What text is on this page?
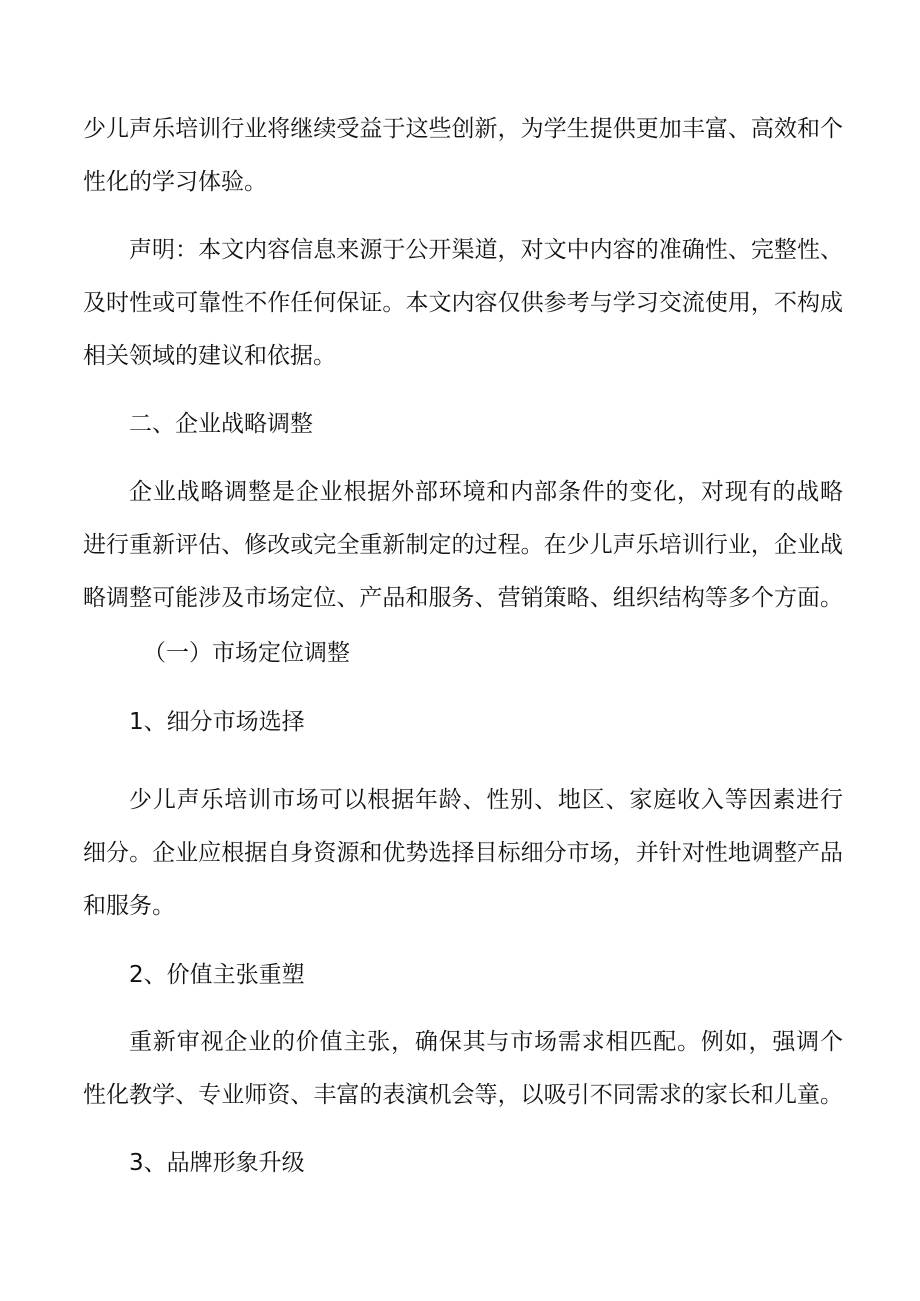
少儿声乐培训行业将继续受益于这些创新，为学生提供更加丰富、高效和个
性化的学习体验。
声明：本文内容信息来源于公开渠道，对文中内容的准确性、完整性、
及时性或可靠性不作任何保证。本文内容仅供参考与学习交流使用，不构成
相关领域的建议和依据。
二、企业战略调整
企业战略调整是企业根据外部环境和内部条件的变化，对现有的战略
进行重新评估、修改或完全重新制定的过程。在少儿声乐培训行业，企业战
略调整可能涉及市场定位、产品和服务、营销策略、组织结构等多个方面。
（一）市场定位调整
1、细分市场选择
少儿声乐培训市场可以根据年龄、性别、地区、家庭收入等因素进行
细分。企业应根据自身资源和优势选择目标细分市场，并针对性地调整产品
和服务。
2、价值主张重塑
重新审视企业的价值主张，确保其与市场需求相匹配。例如，强调个
性化教学、专业师资、丰富的表演机会等，以吸引不同需求的家长和儿童。
3、品牌形象升级
